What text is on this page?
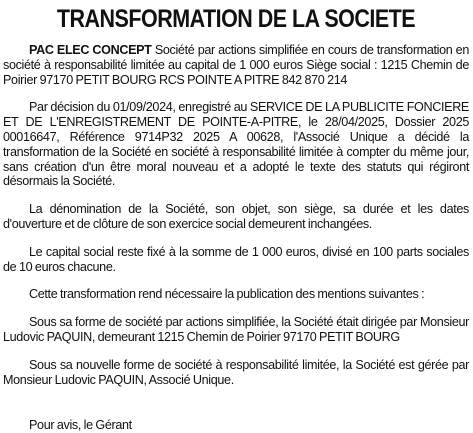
TRANSFORMATION DE LA SOCIETE

PAC ELEC CONCEPT Société par actions simplifiée en cours de transformation en société à responsabilité limitée au capital de 1 000 euros Siège social : 1215 Chemin de Poirier 97170 PETIT BOURG RCS POINTE A PITRE 842 870 214

Par décision du 01/09/2024, enregistré au SERVICE DE LA PUBLICITE FONCIERE ET DE L'ENREGISTREMENT DE POINTE-A-PITRE, le 28/04/2025, Dossier 2025 00016647, Référence 9714P32 2025 A 00628, l'Associé Unique a décidé la transformation de la Société en société à responsabilité limitée à compter du même jour, sans création d'un être moral nouveau et a adopté le texte des statuts qui régiront désormais la Société.

La dénomination de la Société, son objet, son siège, sa durée et les dates d'ouverture et de clôture de son exercice social demeurent inchangées.

Le capital social reste fixé à la somme de 1 000 euros, divisé en 100 parts sociales de 10 euros chacune.

Cette transformation rend nécessaire la publication des mentions suivantes :

Sous sa forme de société par actions simplifiée, la Société était dirigée par Monsieur Ludovic PAQUIN, demeurant 1215 Chemin de Poirier 97170 PETIT BOURG

Sous sa nouvelle forme de société à responsabilité limitée, la Société est gérée par Monsieur Ludovic PAQUIN, Associé Unique.

Pour avis, le Gérant
